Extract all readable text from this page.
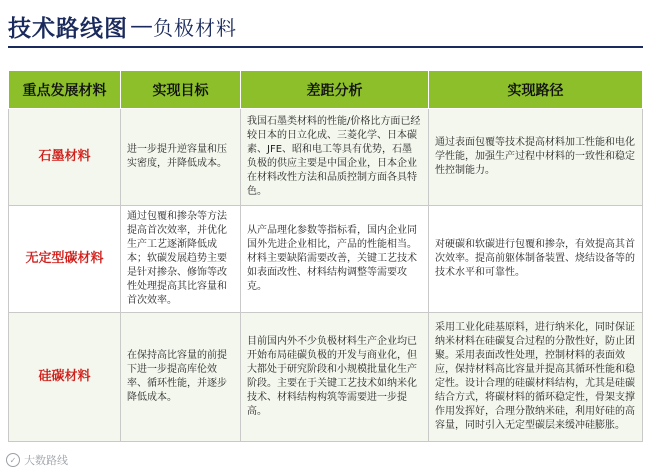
技术路线图 — 负极材料
重点发展材料	实现目标	差距分析	实现路径
石墨材料	进一步提升逆容量和压实密度，并降低成本。	我国石墨类材料的性能/价格比方面已经较日本的日立化成、三菱化学、日本碳素、JFE、昭和电工等具有优势，石墨负极的供应主要是中国企业，日本企业在材料改性方法和品质控制方面各具特色。	通过表面包覆等技术提高材料加工性能和电化学性能，加强生产过程中材料的一致性和稳定性控制能力。
无定型碳材料	通过包覆和掺杂等方法提高首次效率，并优化生产工艺逐渐降低成本；软碳发展趋势主要是针对掺杂、修饰等改性处理提高其比容量和首次效率。	从产品理化参数等指标看，国内企业同国外先进企业相比，产品的性能相当。材料主要缺陷需要改善，关键工艺技术如表面改性、材料结构调整等需要攻克。	对硬碳和软碳进行包覆和掺杂，有效提高其首次效率。提高前躯体制备装置、烧结设备等的技术水平和可靠性。
硅碳材料	在保持高比容量的前提下进一步提高库伦效率、循环性能，并逐步降低成本。	目前国内外不少负极材料生产企业均已开始布局硅碳负极的开发与商业化，但大都处于研究阶段和小规模批量化生产阶段。主要在于关键工艺技术如纳米化技术、材料结构构筑等需要进一步提高。	采用工业化硅基原料，进行纳米化，同时保证纳米材料在硅碳复合过程的分散性好，防止团聚。采用表面改性处理，控制材料的表面效应，保持材料高比容量并提高其循环性能和稳定性。设计合理的硅碳材料结构，尤其是硅碳结合方式，将碳材料的循环稳定性，骨架支撑作用发挥好，合理分散纳米硅，利用好硅的高容量，同时引入无定型碳层来缓冲硅膨胀。
✓ 大数路线
